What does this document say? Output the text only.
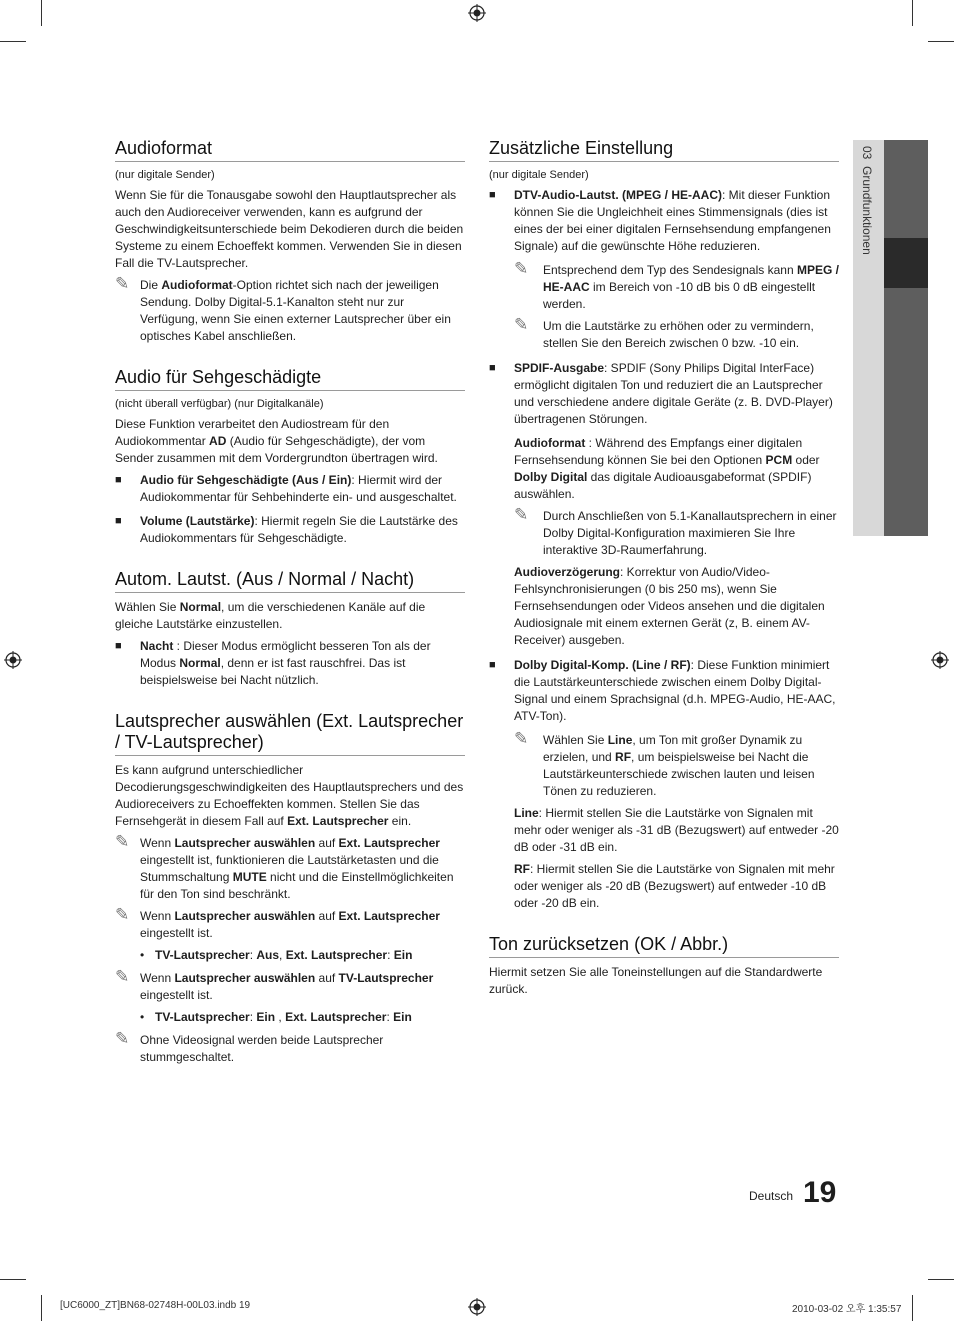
03  Grundfunktionen
Audioformat

(nur digitale Sender)

Wenn Sie für die Tonausgabe sowohl den Hauptlautsprecher als auch den Audioreceiver verwenden, kann es aufgrund der Geschwindigkeitsunterschiede beim Dekodieren durch die beiden Systeme zu einem Echoeffekt kommen. Verwenden Sie in diesen Fall die TV-Lautsprecher.

✎ Die Audioformat-Option richtet sich nach der jeweiligen Sendung. Dolby Digital-5.1-Kanalton steht nur zur Verfügung, wenn Sie einen externer Lautsprecher über ein optisches Kabel anschließen.
Audio für Sehgeschädigte

(nicht überall verfügbar) (nur Digitalkanäle)

Diese Funktion verarbeitet den Audiostream für den Audiokommentar AD (Audio für Sehgeschädigte), der vom Sender zusammen mit dem Vordergrundton übertragen wird.

■ Audio für Sehgeschädigte (Aus / Ein): Hiermit wird der Audiokommentar für Sehbehinderte ein- und ausgeschaltet.
■ Volume (Lautstärke): Hiermit regeln Sie die Lautstärke des Audiokommentars für Sehgeschädigte.
Autom. Lautst. (Aus / Normal / Nacht)

Wählen Sie Normal, um die verschiedenen Kanäle auf die gleiche Lautstärke einzustellen.

■ Nacht : Dieser Modus ermöglicht besseren Ton als der Modus Normal, denn er ist fast rauschfrei. Das ist beispielsweise bei Nacht nützlich.
Lautsprecher auswählen (Ext. Lautsprecher / TV-Lautsprecher)

Es kann aufgrund unterschiedlicher Decodierungsgeschwindigkeiten des Hauptlautsprechers und des Audioreceivers zu Echoeffekten kommen. Stellen Sie das Fernsehgerät in diesem Fall auf Ext. Lautsprecher ein.

✎ Wenn Lautsprecher auswählen auf Ext. Lautsprecher eingestellt ist, funktionieren die Lautstärketasten und die Stummschaltung MUTE nicht und die Einstellmöglichkeiten für den Ton sind beschränkt.
✎ Wenn Lautsprecher auswählen auf Ext. Lautsprecher eingestellt ist.
• TV-Lautsprecher: Aus, Ext. Lautsprecher: Ein
✎ Wenn Lautsprecher auswählen auf TV-Lautsprecher eingestellt ist.
• TV-Lautsprecher: Ein , Ext. Lautsprecher: Ein
✎ Ohne Videosignal werden beide Lautsprecher stummgeschaltet.
Zusätzliche Einstellung

(nur digitale Sender)

■ DTV-Audio-Lautst. (MPEG / HE-AAC): Mit dieser Funktion können Sie die Ungleichheit eines Stimmensignals (dies ist eines der bei einer digitalen Fernsehsendung empfangenen Signale) auf die gewünschte Höhe reduzieren.
✎ Entsprechend dem Typ des Sendesignals kann MPEG / HE-AAC im Bereich von -10 dB bis 0 dB eingestellt werden.
✎ Um die Lautstärke zu erhöhen oder zu vermindern, stellen Sie den Bereich zwischen 0 bzw. -10 ein.
■ SPDIF-Ausgabe: SPDIF (Sony Philips Digital InterFace) ermöglicht digitalen Ton und reduziert die an Lautsprecher und verschiedene andere digitale Geräte (z. B. DVD-Player) übertragenen Störungen.

Audioformat : Während des Empfangs einer digitalen Fernsehsendung können Sie bei den Optionen PCM oder Dolby Digital das digitale Audioausgabeformat (SPDIF) auswählen.

✎ Durch Anschließen von 5.1-Kanallautsprechern in einer Dolby Digital-Konfiguration maximieren Sie Ihre interaktive 3D-Raumerfahrung.

Audioverzögerung: Korrektur von Audio/Video-Fehlsynchronisierungen (0 bis 250 ms), wenn Sie Fernsehsendungen oder Videos ansehen und die digitalen Audiosignale mit einem externen Gerät (z, B. einem AV-Receiver) ausgeben.

■ Dolby Digital-Komp. (Line / RF): Diese Funktion minimiert die Lautstärkeunterschiede zwischen einem Dolby Digital-Signal und einem Sprachsignal (d.h. MPEG-Audio, HE-AAC, ATV-Ton).
✎ Wählen Sie Line, um Ton mit großer Dynamik zu erzielen, und RF, um beispielsweise bei Nacht die Lautstärkeunterschiede zwischen lauten und leisen Tönen zu reduzieren.

Line: Hiermit stellen Sie die Lautstärke von Signalen mit mehr oder weniger als -31 dB (Bezugswert) auf entweder -20 dB oder -31 dB ein.

RF: Hiermit stellen Sie die Lautstärke von Signalen mit mehr oder weniger als -20 dB (Bezugswert) auf entweder -10 dB oder -20 dB ein.

Ton zurücksetzen (OK / Abbr.)

Hiermit setzen Sie alle Toneinstellungen auf die Standardwerte zurück.

Deutsch 19
[UC6000_ZT]BN68-02748H-00L03.indb 19	2010-03-02 오후 1:35:57
